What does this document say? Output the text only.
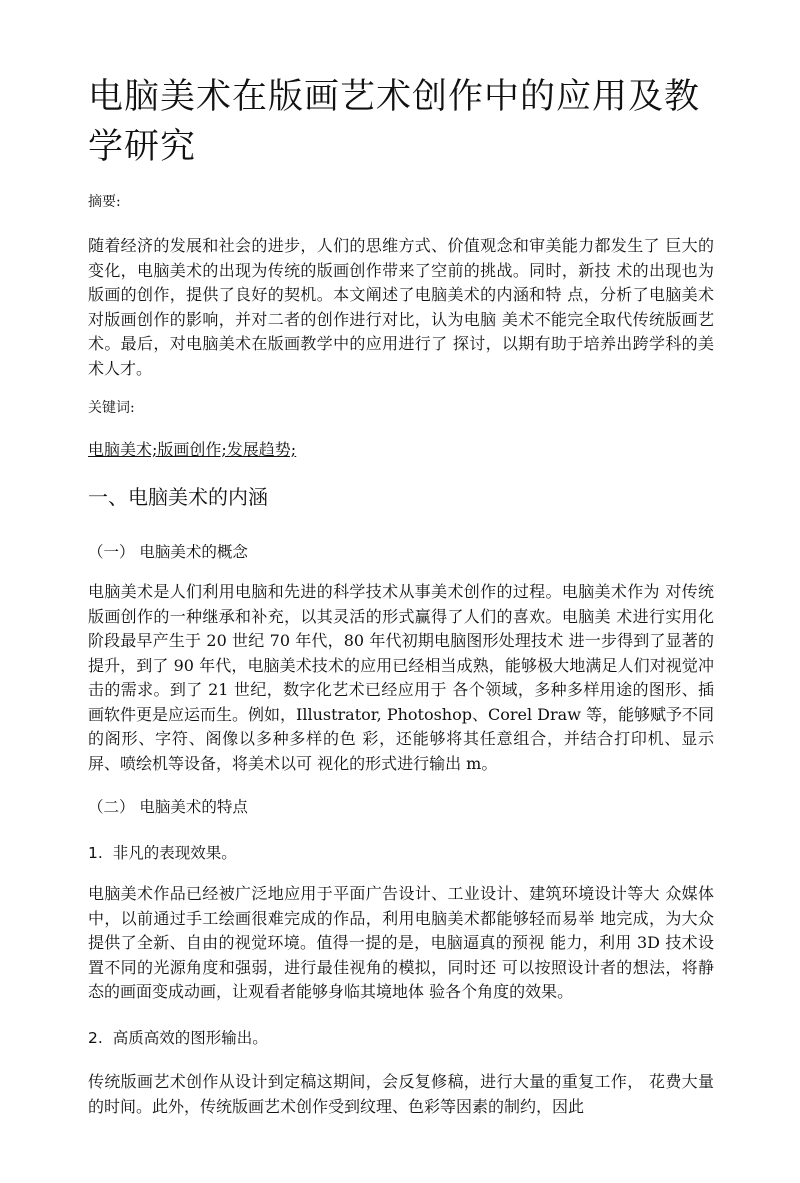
电脑美术在版画艺术创作中的应用及教学研究
摘要:

随着经济的发展和社会的进步，人们的思维方式、价值观念和审美能力都发生了 巨大的变化，电脑美术的出现为传统的版画创作带来了空前的挑战。同时，新技 术的出现也为版画的创作，提供了良好的契机。本文阐述了电脑美术的内涵和特 点，分析了电脑美术对版画创作的影响，并对二者的创作进行对比，认为电脑 美术不能完全取代传统版画艺术。最后，对电脑美术在版画教学中的应用进行了 探讨，以期有助于培养出跨学科的美术人才。

关键词:
电脑美术;版画创作;发展趋势;
一、电脑美术的内涵
（一） 电脑美术的概念

电脑美术是人们利用电脑和先进的科学技术从事美术创作的过程。电脑美术作为 对传统版画创作的一种继承和补充，以其灵活的形式赢得了人们的喜欢。电脑美 术进行实用化阶段最早产生于 20 世纪 70 年代，80 年代初期电脑图形处理技术 进一步得到了显著的提升，到了 90 年代，电脑美术技术的应用已经相当成熟，能够极大地满足人们对视觉冲击的需求。到了 21 世纪，数字化艺术已经应用于 各个领域，多种多样用途的图形、插画软件更是应运而生。例如，Illustrator, Photoshop、Corel Draw 等，能够赋予不同的阁形、字符、阁像以多种多样的色 彩，还能够将其任意组合，并结合打印机、显示屏、喷绘机等设备，将美术以可 视化的形式进行输出 m。

（二） 电脑美术的特点
1. 非凡的表现效果。

电脑美术作品已经被广泛地应用于平面广告设计、工业设计、建筑环境设计等大 众媒体中，以前通过手工绘画很难完成的作品，利用电脑美术都能够轻而易举 地完成，为大众提供了全新、自由的视觉环境。值得一提的是，电脑逼真的预视 能力，利用 3D 技术设置不同的光源角度和强弱，进行最佳视角的模拟，同时还 可以按照设计者的想法，将静态的画面变成动画，让观看者能够身临其境地体 验各个角度的效果。

2. 高质高效的图形输出。

传统版画艺术创作从设计到定稿这期间，会反复修稿，进行大量的重复工作， 花费大量的时间。此外，传统版画艺术创作受到纹理、色彩等因素的制约，因此
